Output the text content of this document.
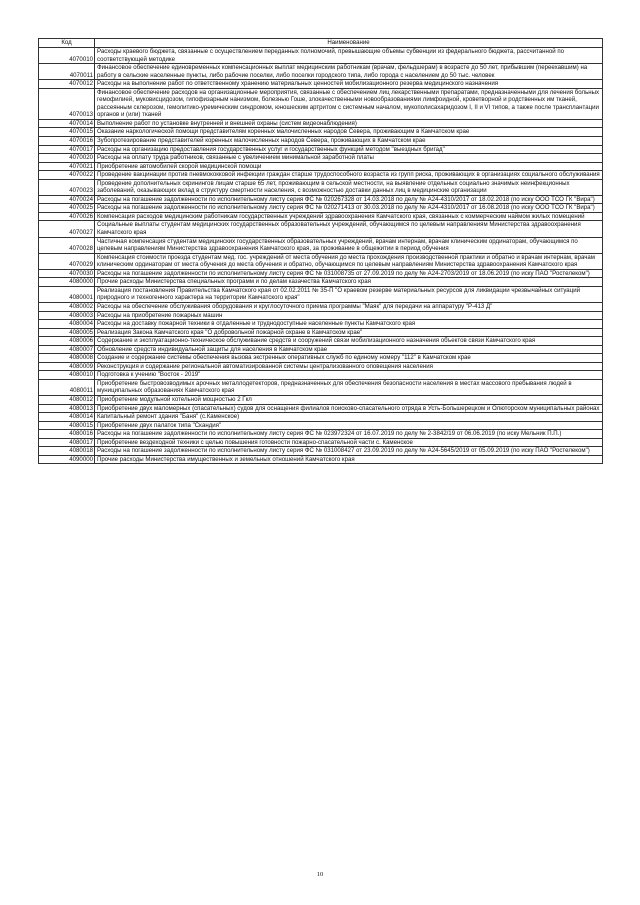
Код	Наименование
4070010	Расходы краевого бюджета, связанные с осуществлением переданных полномочий, превышающие объемы субвенции из федерального бюджета, рассчитанной по соответствующей методике
4070011	Финансовое обеспечение единовременных компенсационных выплат медицинским работникам (врачам, фельдшерам) в возрасте до 50 лет, прибывшим (переехавшим) на работу в сельские населенные пункты, либо рабочие поселки, либо поселки городского типа, либо города с населением до 50 тыс. человек
4070012	Расходы на выполнение работ по ответственному хранению материальных ценностей мобилизационного резерва медицинского назначения
4070013	Финансовое обеспечение расходов на организационные мероприятия, связанные с обеспечением лиц лекарственными препаратами, предназначенными для лечения больных гемофилией, муковисцидозом, гипофизарным нанизмом, болезнью Гоше, злокачественными новообразованиями лимфоидной, кроветворной и родственных им тканей, рассеянным склерозом, гемолитико-уремическим синдромом, юношеским артритом с системным началом, мукополисахаридозом I, II и VI типов, а также после трансплантации органов и (или) тканей
4070014	Выполнение работ по установке внутренней и внешней охраны (систем видеонаблюдения)
4070015	Оказание наркологической помощи представителям коренных малочисленных народов Севера, проживающим в Камчатском крае
4070016	Зубопротезирование представителей коренных малочисленных народов Севера, проживающих в Камчатском крае
4070017	Расходы на организацию предоставления государственных услуг и государственных функций методом "выездных бригад"
4070020	Расходы на оплату труда работников, связанные с увеличением минимальной заработной платы
4070021	Приобретение автомобилей скорой медицинской помощи
4070022	Проведение вакцинации против пневмококковой инфекции граждан старше трудоспособного возраста из групп риска, проживающих в организациях социального обслуживания
4070023	Проведение дополнительных скринингов лицам старше 65 лет, проживающим в сельской местности, на выявление отдельных социально значимых неинфекционных заболеваний, оказывающих вклад в структуру смертности населения, с возможностью доставки данных лиц в медицинские организации
4070024	Расходы на погашение задолженности по исполнительному листу серия ФС № 020267328 от 14.03.2018 по делу № А24-4310/2017 от 18.02.2018 (по иску ООО ТСО ГК "Вира")
4070025	Расходы на погашение задолженности по исполнительному листу серия ФС № 020271413 от 30.03.2018 по делу № А24-4310/2017 от 16.08.2018 (по иску ООО ТСО ГК "Вира")
4070026	Компенсация расходов медицинским работникам государственных учреждений здравоохранения Камчатского края, связанных с коммерческим наймом жилых помещений
4070027	Социальные выплаты студентам медицинских государственных образовательных учреждений, обучающимся по целевым направлениям Министерства здравоохранения Камчатского края
4070028	Частичная компенсация студентам медицинских государственных образовательных учреждений, врачам интернам, врачам клиническим ординаторам, обучающимся по целевым направлениям Министерства здравоохранения Камчатского края, за проживание в общежитии в период обучения
4070029	Компенсация стоимости проезда студентам мед. гос. учреждений от места обучения до места прохождения производственной практики и обратно и врачам интернам, врачам клиническим ординаторам от места обучения до места обучения и обратно, обучающимся по целевым направлениям Министерства здравоохранения Камчатского края
4070030	Расходы на погашение задолженности по исполнительному листу серия ФС № 031008735 от 27.09.2019 по делу № А24-2703/2019 от 18.06.2019 (по иску ПАО "Ростелеком")
4080000	Прочие расходы Министерства специальных программ и по делам казачества Камчатского края
4080001	Реализация постановления Правительства Камчатского края от 02.02.2011 № 35-П "О краевом резерве материальных ресурсов для ликвидации чрезвычайных ситуаций природного и техногенного характера на территории Камчатского края"
4080002	Расходы на обеспечение обслуживания оборудования и круглосуточного приема программы "Маяк" для передачи на аппаратуру "Р-413 Д"
4080003	Расходы на приобретение пожарных машин
4080004	Расходы на доставку пожарной техники в отдаленные и труднодоступные населенные пункты Камчатского края
4080005	Реализация Закона Камчатского края "О добровольной пожарной охране в Камчатском крае"
4080006	Содержание и эксплуатационно-техническое обслуживание средств и сооружений связи мобилизационного назначения объектов связи Камчатского края
4080007	Обновление средств индивидуальной защиты для населения в Камчатском крае
4080008	Создание и содержание системы обеспечения вызова экстренных оперативных служб по единому номеру "112" в Камчатском крае
4080009	Реконструкция и содержание региональной автоматизированной системы централизованного оповещения населения
4080010	Подготовка к учению "Восток - 2019"
4080011	Приобретение быстровозводимых арочных металлодетекторов, предназначенных для обеспечения безопасности населения в местах массового пребывания людей в муниципальных образованиях Камчатского края
4080012	Приобретение модульной котельной мощностью 2 Гкл
4080013	Приобретение двух маломерных (спасательных) судов для оснащения филиалов поисково-спасательного отряда в Усть-Большерецком и Олюторском муниципальных районах
4080014	Капитальный ремонт здания "Баня" (с.Каменское)
4080015	Приобретение двух палаток типа "Скандия"
4080016	Расходы на погашение задолженности по исполнительному листу серия ФС № 023972324 от 16.07.2019 по делу № 2-3842/19 от 06.06.2019 (по иску Мельник П.П.)
4080017	Приобретение вездеходной техники с целью повышения готовности пожарно-спасательной части с. Каменское
4080018	Расходы на погашение задолженности по исполнительному листу серия ФС № 031008427 от 23.09.2019 по делу № А24-5645/2019 от 05.09.2019 (по иску ПАО "Ростелеком")
4090000	Прочие расходы Министерства имущественных и земельных отношений Камчатского края
10
